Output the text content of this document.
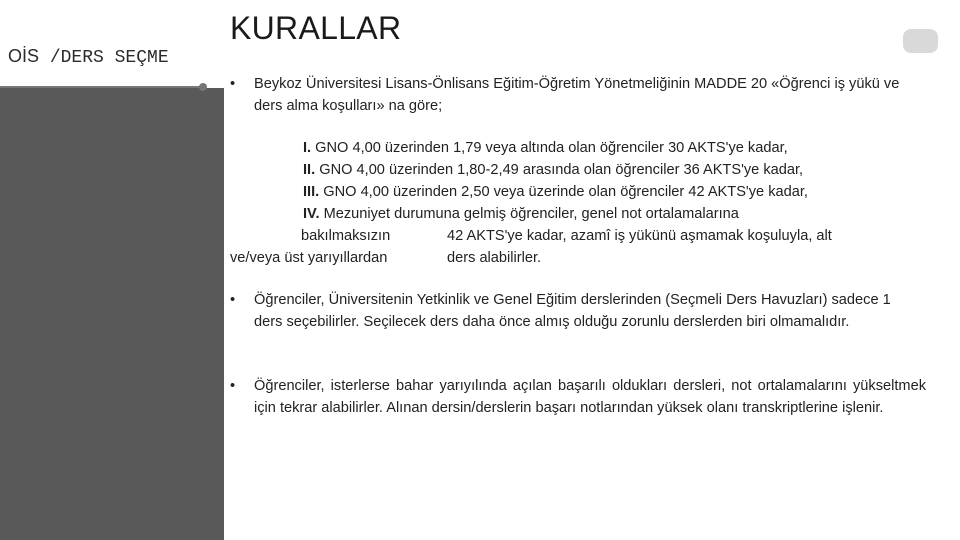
OİS /DERS SEÇME
KURALLAR
• Beykoz Üniversitesi Lisans-Önlisans Eğitim-Öğretim Yönetmeliğinin MADDE 20 «Öğrenci iş yükü ve ders alma koşulları» na göre;
I. GNO 4,00 üzerinden 1,79 veya altında olan öğrenciler 30 AKTS'ye kadar,
II. GNO 4,00 üzerinden 1,80-2,49 arasında olan öğrenciler 36 AKTS'ye kadar,
III. GNO 4,00 üzerinden 2,50 veya üzerinde olan öğrenciler 42 AKTS'ye kadar,
IV. Mezuniyet durumuna gelmiş öğrenciler, genel not ortalamalarına
bakılmaksızın	42 AKTS'ye kadar, azamî iş yükünü aşmamak koşuluyla, alt
ve/veya üst yarıyıllardan	ders alabilirler.
• Öğrenciler, Üniversitenin Yetkinlik ve Genel Eğitim derslerinden (Seçmeli Ders Havuzları) sadece 1 ders seçebilirler. Seçilecek ders daha önce almış olduğu zorunlu derslerden biri olmamalıdır.
• Öğrenciler, isterlerse bahar yarıyılında açılan başarılı oldukları dersleri, not ortalamalarını yükseltmek için tekrar alabilirler. Alınan dersin/derslerin başarı notlarından yüksek olanı transkriptlerine işlenir.
